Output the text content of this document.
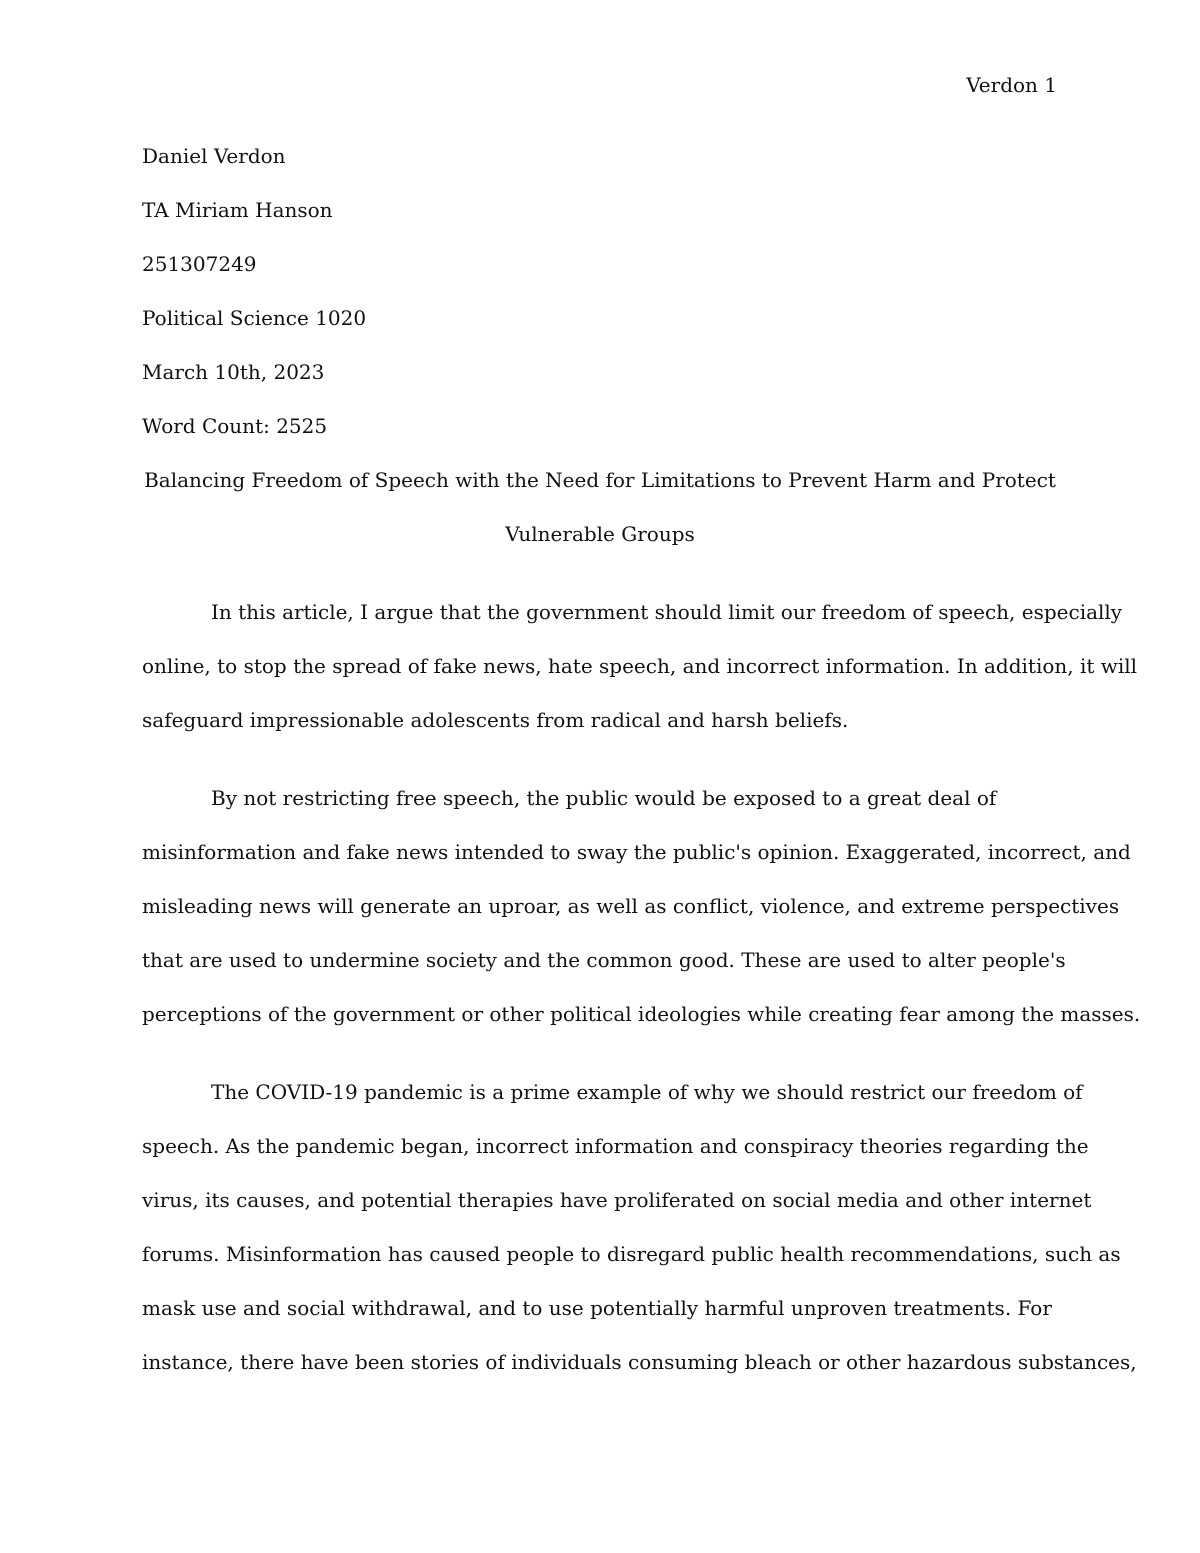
Verdon 1
Daniel Verdon
TA Miriam Hanson
251307249
Political Science 1020
March 10th, 2023
Word Count: 2525
Balancing Freedom of Speech with the Need for Limitations to Prevent Harm and Protect
Vulnerable Groups
In this article, I argue that the government should limit our freedom of speech, especially
online, to stop the spread of fake news, hate speech, and incorrect information. In addition, it will
safeguard impressionable adolescents from radical and harsh beliefs.
By not restricting free speech, the public would be exposed to a great deal of
misinformation and fake news intended to sway the public's opinion. Exaggerated, incorrect, and
misleading news will generate an uproar, as well as conflict, violence, and extreme perspectives
that are used to undermine society and the common good. These are used to alter people's
perceptions of the government or other political ideologies while creating fear among the masses.
The COVID-19 pandemic is a prime example of why we should restrict our freedom of
speech. As the pandemic began, incorrect information and conspiracy theories regarding the
virus, its causes, and potential therapies have proliferated on social media and other internet
forums. Misinformation has caused people to disregard public health recommendations, such as
mask use and social withdrawal, and to use potentially harmful unproven treatments. For
instance, there have been stories of individuals consuming bleach or other hazardous substances,
